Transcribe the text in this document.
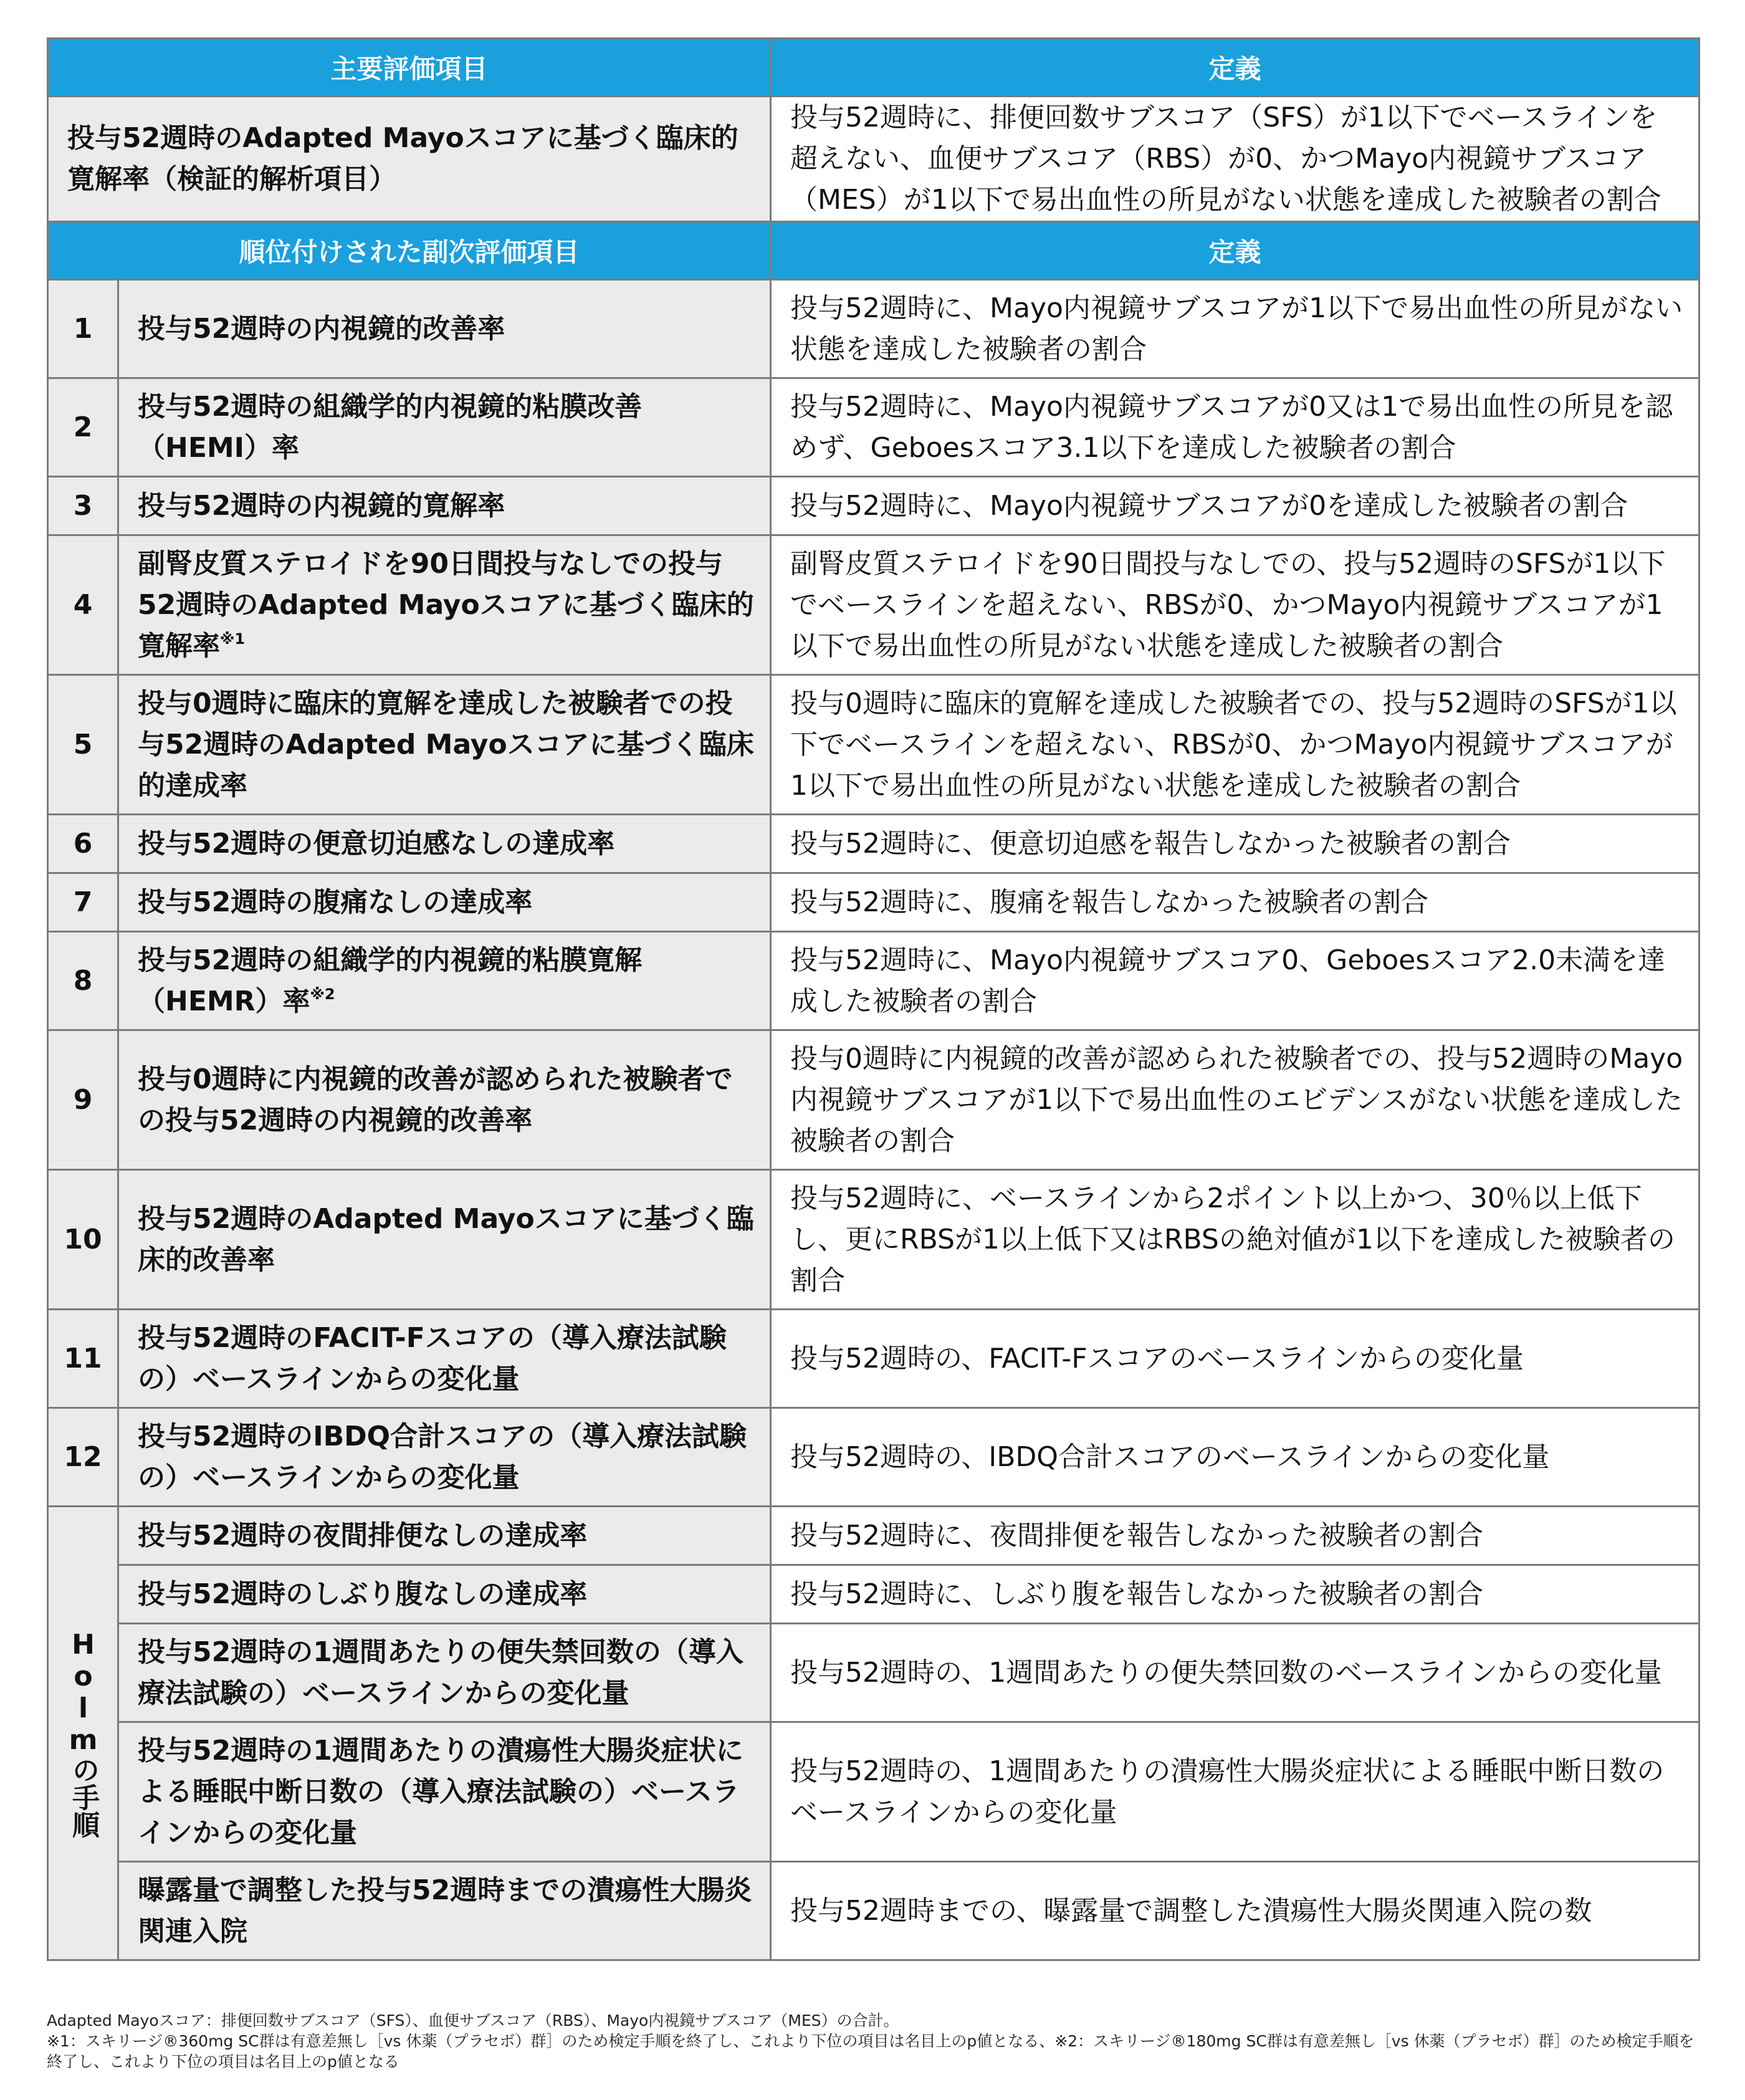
主要評価項目		定義
投与52週時のAdapted Mayoスコアに基づく臨床的寛解率（検証的解析項目）		投与52週時に、排便回数サブスコア（SFS）が1以下でベースラインを超えない、血便サブスコア（RBS）が0、かつMayo内視鏡サブスコア（MES）が1以下で易出血性の所見がない状態を達成した被験者の割合
順位付けされた副次評価項目		定義
1	投与52週時の内視鏡的改善率	投与52週時に、Mayo内視鏡サブスコアが1以下で易出血性の所見がない状態を達成した被験者の割合
2	投与52週時の組織学的内視鏡的粘膜改善（HEMI）率	投与52週時に、Mayo内視鏡サブスコアが0又は1で易出血性の所見を認めず、Geboesスコア3.1以下を達成した被験者の割合
3	投与52週時の内視鏡的寛解率	投与52週時に、Mayo内視鏡サブスコアが0を達成した被験者の割合
4	副腎皮質ステロイドを90日間投与なしでの投与52週時のAdapted Mayoスコアに基づく臨床的寛解率$^{※1}$	副腎皮質ステロイドを90日間投与なしでの、投与52週時のSFSが1以下でベースラインを超えない、RBSが0、かつMayo内視鏡サブスコアが1以下で易出血性の所見がない状態を達成した被験者の割合
5	投与0週時に臨床的寛解を達成した被験者での投与52週時のAdapted Mayoスコアに基づく臨床的達成率	投与0週時に臨床的寛解を達成した被験者での、投与52週時のSFSが1以下でベースラインを超えない、RBSが0、かつMayo内視鏡サブスコアが1以下で易出血性の所見がない状態を達成した被験者の割合
6	投与52週時の便意切迫感なしの達成率	投与52週時に、便意切迫感を報告しなかった被験者の割合
7	投与52週時の腹痛なしの達成率	投与52週時に、腹痛を報告しなかった被験者の割合
8	投与52週時の組織学的内視鏡的粘膜寛解（HEMR）率$^{※2}$	投与52週時に、Mayo内視鏡サブスコア0、Geboesスコア2.0未満を達成した被験者の割合
9	投与0週時に内視鏡的改善が認められた被験者での投与52週時の内視鏡的改善率	投与0週時に内視鏡的改善が認められた被験者での、投与52週時のMayo内視鏡サブスコアが1以下で易出血性のエビデンスがない状態を達成した被験者の割合
10	投与52週時のAdapted Mayoスコアに基づく臨床的改善率	投与52週時に、ベースラインから2ポイント以上かつ、30％以上低下し、更にRBSが1以上低下又はRBSの絶対値が1以下を達成した被験者の割合
11	投与52週時のFACIT-Fスコアの（導入療法試験の）ベースラインからの変化量	投与52週時の、FACIT-Fスコアのベースラインからの変化量
12	投与52週時のIBDQ合計スコアの（導入療法試験の）ベースラインからの変化量	投与52週時の、IBDQ合計スコアのベースラインからの変化量
Holmの手順	投与52週時の夜間排便なしの達成率	投与52週時に、夜間排便を報告しなかった被験者の割合
	投与52週時のしぶり腹なしの達成率	投与52週時に、しぶり腹を報告しなかった被験者の割合
	投与52週時の1週間あたりの便失禁回数の（導入療法試験の）ベースラインからの変化量	投与52週時の、1週間あたりの便失禁回数のベースラインからの変化量
	投与52週時の1週間あたりの潰瘍性大腸炎症状による睡眠中断日数の（導入療法試験の）ベースラインからの変化量	投与52週時の、1週間あたりの潰瘍性大腸炎症状による睡眠中断日数のベースラインからの変化量
	曝露量で調整した投与52週時までの潰瘍性大腸炎関連入院	投与52週時までの、曝露量で調整した潰瘍性大腸炎関連入院の数
Adapted Mayoスコア：排便回数サブスコア（SFS）、血便サブスコア（RBS）、Mayo内視鏡サブスコア（MES）の合計。
※1：スキリージ®360mg SC群は有意差無し［vs 休薬（プラセボ）群］のため検定手順を終了し、これより下位の項目は名目上のp値となる、※2：スキリージ®180mg SC群は有意差無し［vs 休薬（プラセボ）群］のため検定手順を終了し、これより下位の項目は名目上のp値となる
